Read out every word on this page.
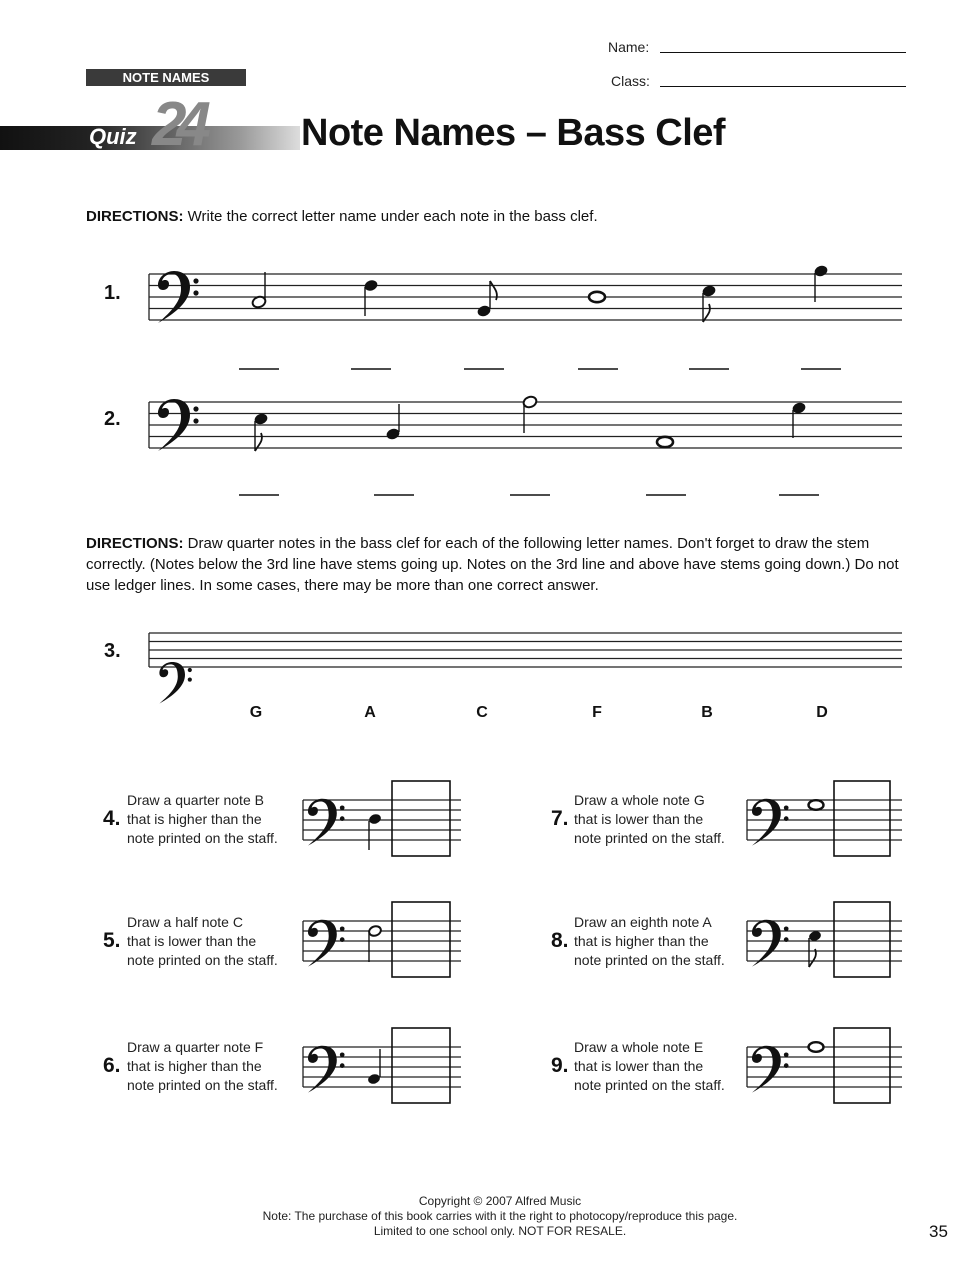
Name:
Class:
NOTE NAMES
24
Quiz	Note Names – Bass Clef
DIRECTIONS: Write the correct letter name under each note in the bass clef.
1.
2.
DIRECTIONS: Draw quarter notes in the bass clef for each of the following letter names. Don't forget to draw the stem correctly. (Notes below the 3rd line have stems going up. Notes on the 3rd line and above have stems going down.) Do not use ledger lines. In some cases, there may be more than one correct answer.
3.
G	A	C	F	B	D
4.
Draw a quarter note B
that is higher than the
note printed on the staff.
5.
Draw a half note C
that is lower than the
note printed on the staff.
6.
Draw a quarter note F
that is higher than the
note printed on the staff.
7.
Draw a whole note G
that is lower than the
note printed on the staff.
8.
Draw an eighth note A
that is higher than the
note printed on the staff.
9.
Draw a whole note E
that is lower than the
note printed on the staff.
Copyright © 2007 Alfred Music
Note: The purchase of this book carries with it the right to photocopy/reproduce this page.
Limited to one school only. NOT FOR RESALE.	35
